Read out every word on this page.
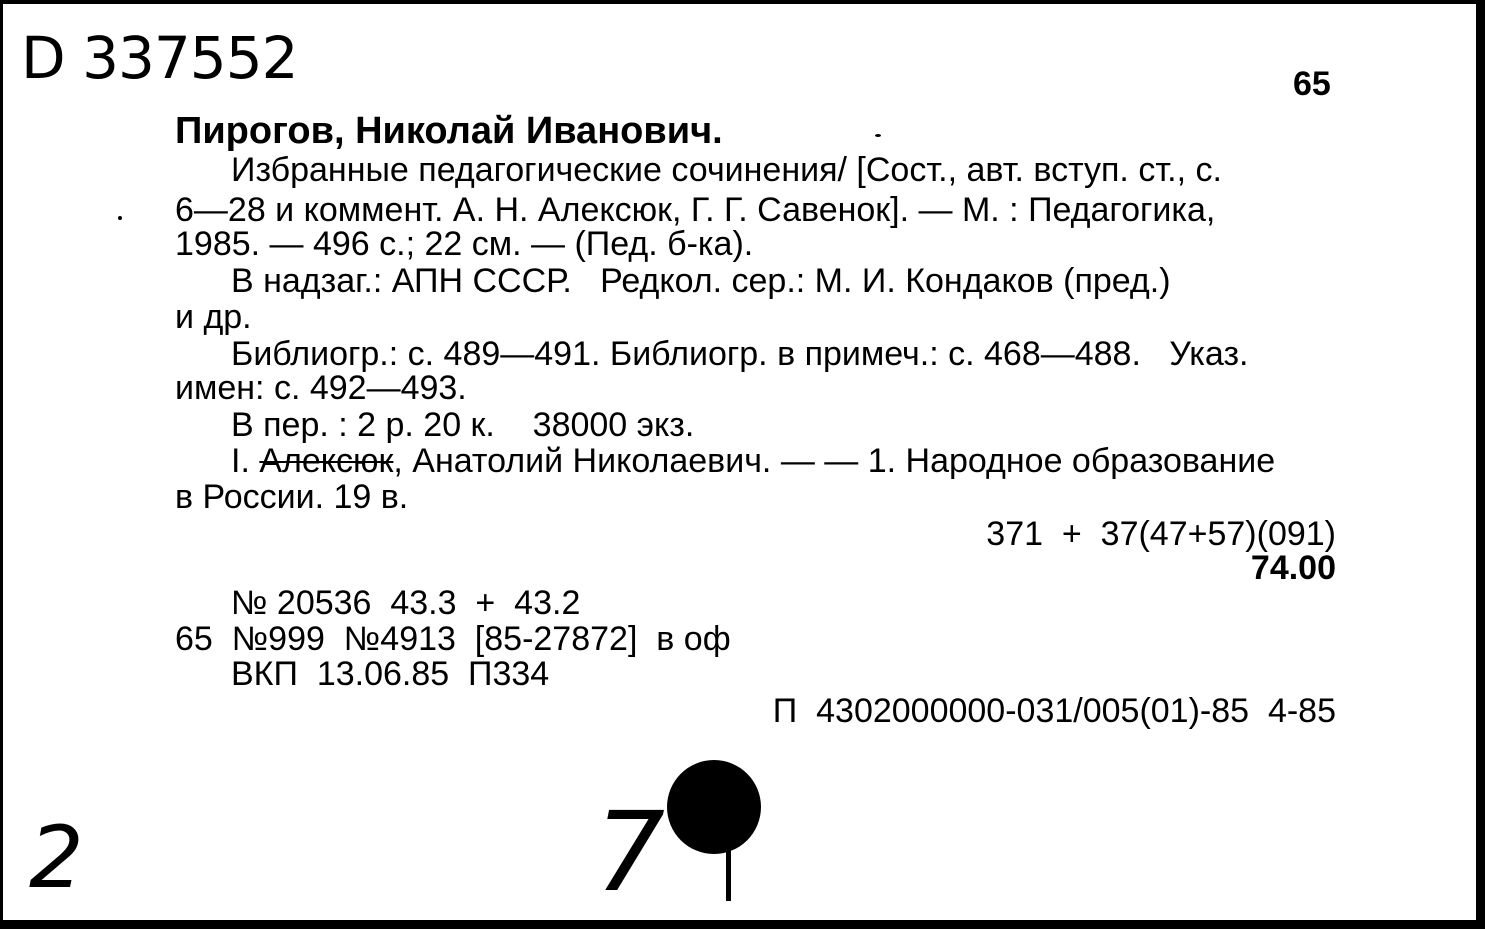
D 337552	65
Пирогов, Николай Иванович.
Избранные педагогические сочинения/ [Сост., авт. вступ. ст., с.
6—28 и коммент. А. Н. Алексюк, Г. Г. Савенок]. — М. : Педагогика,
1985. — 496 с.; 22 см. — (Пед. б-ка).
В надзаг.: АПН СССР.   Редкол. сер.: М. И. Кондаков (пред.)
и др.
Библиогр.: с. 489—491. Библиогр. в примеч.: с. 468—488.   Указ.
имен: с. 492—493.
В пер. : 2 р. 20 к.    38000 экз.
I. Алексюк, Анатолий Николаевич. — — 1. Народное образование
в России. 19 в.
371  +  37(47+57)(091)
74.00
№ 20536  43.3  +  43.2
65  №999  №4913  [85-27872]  в оф
ВКП  13.06.85  П334
П  4302000000-031/005(01)-85  4-85
2	7
